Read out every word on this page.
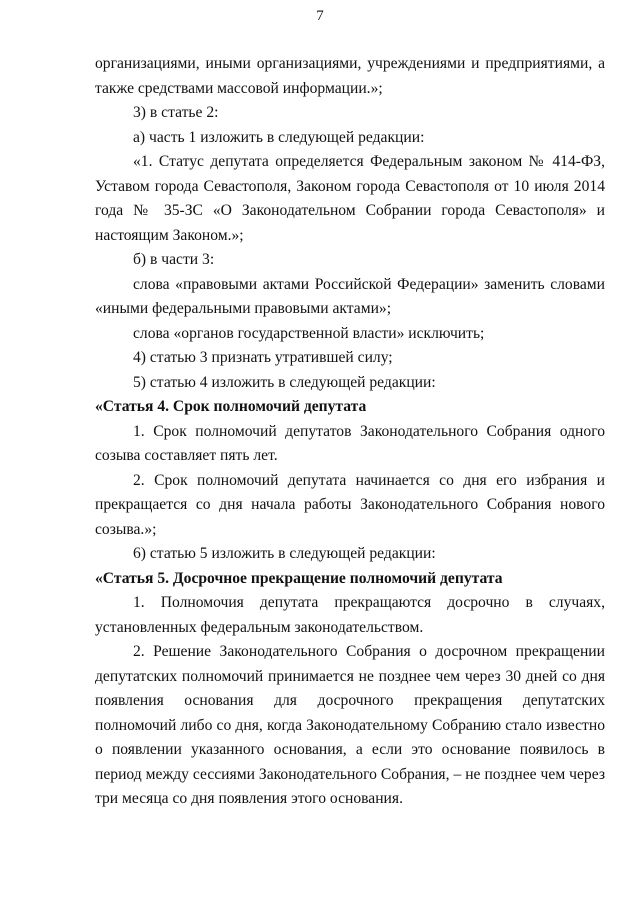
7

организациями, иными организациями, учреждениями и предприятиями, а также средствами массовой информации.»;

3) в статье 2:

а) часть 1 изложить в следующей редакции:

«1. Статус депутата определяется Федеральным законом № 414-ФЗ, Уставом города Севастополя, Законом города Севастополя от 10 июля 2014 года № 35-ЗС «О Законодательном Собрании города Севастополя» и настоящим Законом.»;

б) в части 3:

слова «правовыми актами Российской Федерации» заменить словами «иными федеральными правовыми актами»;

слова «органов государственной власти» исключить;

4) статью 3 признать утратившей силу;

5) статью 4 изложить в следующей редакции:

«Статья 4. Срок полномочий депутата

1. Срок полномочий депутатов Законодательного Собрания одного созыва составляет пять лет.

2. Срок полномочий депутата начинается со дня его избрания и прекращается со дня начала работы Законодательного Собрания нового созыва.»;

6) статью 5 изложить в следующей редакции:

«Статья 5. Досрочное прекращение полномочий депутата

1. Полномочия депутата прекращаются досрочно в случаях, установленных федеральным законодательством.

2. Решение Законодательного Собрания о досрочном прекращении депутатских полномочий принимается не позднее чем через 30 дней со дня появления основания для досрочного прекращения депутатских полномочий либо со дня, когда Законодательному Собранию стало известно о появлении указанного основания, а если это основание появилось в период между сессиями Законодательного Собрания, – не позднее чем через три месяца со дня появления этого основания.
